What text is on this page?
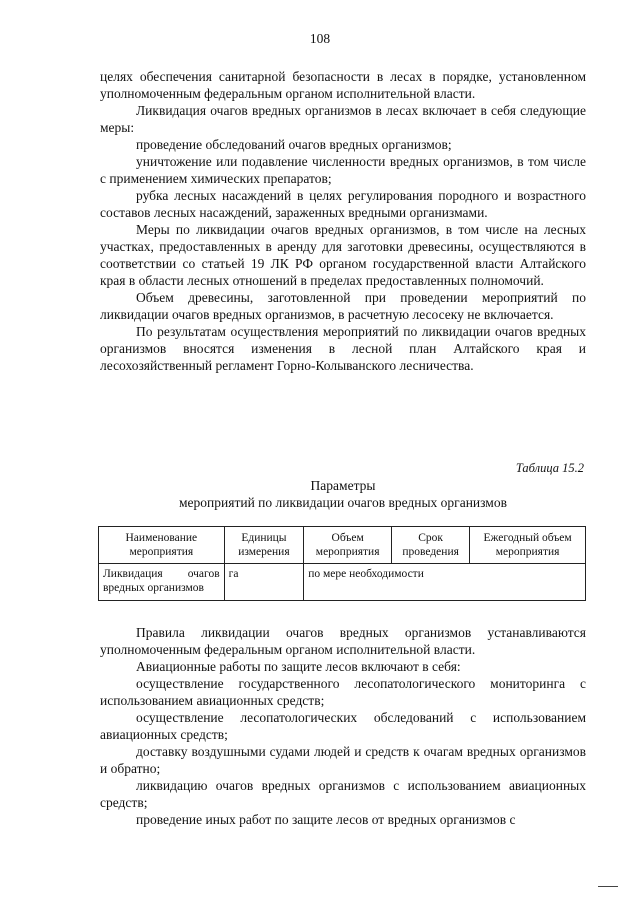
108

целях обеспечения санитарной безопасности в лесах в порядке, установленном уполномоченным федеральным органом исполнительной власти.

Ликвидация очагов вредных организмов в лесах включает в себя следующие меры:

проведение обследований очагов вредных организмов;

уничтожение или подавление численности вредных организмов, в том числе с применением химических препаратов;

рубка лесных насаждений в целях регулирования породного и возрастного составов лесных насаждений, зараженных вредными организмами.

Меры по ликвидации очагов вредных организмов, в том числе на лесных участках, предоставленных в аренду для заготовки древесины, осуществляются в соответствии со статьей 19 ЛК РФ органом государственной власти Алтайского края в области лесных отношений в пределах предоставленных полномочий.

Объем древесины, заготовленной при проведении мероприятий по ликвидации очагов вредных организмов, в расчетную лесосеку не включается.

По результатам осуществления мероприятий по ликвидации очагов вредных организмов вносятся изменения в лесной план Алтайского края и лесохозяйственный регламент Горно-Колыванского лесничества.

Таблица 15.2
Параметры
мероприятий по ликвидации очагов вредных организмов
Наименование мероприятия	Единицы измерения	Объем мероприятия	Срок проведения	Ежегодный объем мероприятия
Ликвидация очагов вредных организмов	га	по мере необходимости		

Правила ликвидации очагов вредных организмов устанавливаются уполномоченным федеральным органом исполнительной власти.

Авиационные работы по защите лесов включают в себя:

осуществление государственного лесопатологического мониторинга с использованием авиационных средств;

осуществление лесопатологических обследований с использованием авиационных средств;

доставку воздушными судами людей и средств к очагам вредных организмов и обратно;

ликвидацию очагов вредных организмов с использованием авиационных средств;

проведение иных работ по защите лесов от вредных организмов с
